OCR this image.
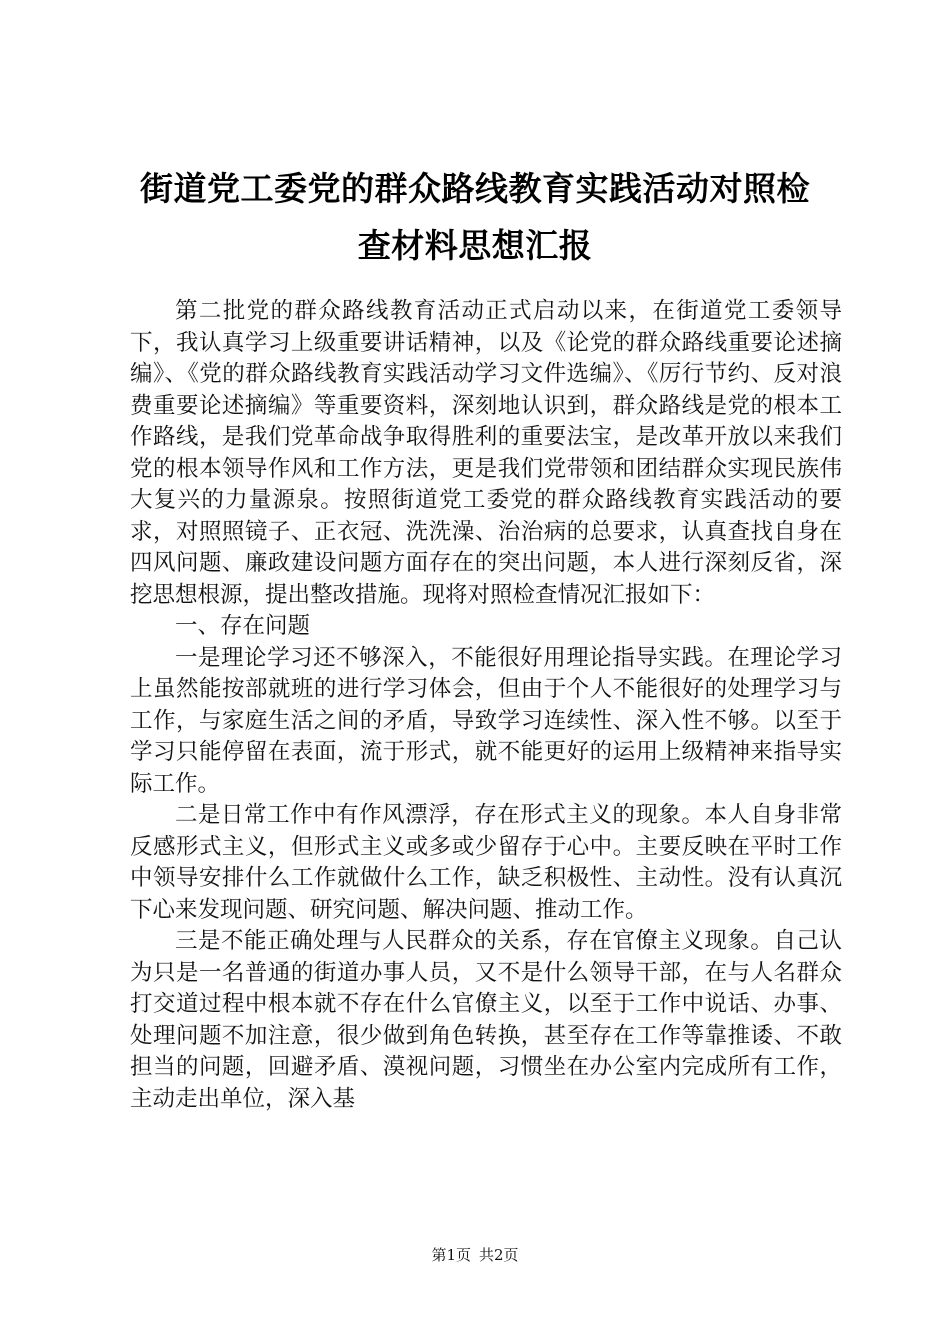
街道党工委党的群众路线教育实践活动对照检查材料思想汇报

第二批党的群众路线教育活动正式启动以来，在街道党工委领导下，我认真学习上级重要讲话精神，以及《论党的群众路线重要论述摘编》、《党的群众路线教育实践活动学习文件选编》、《厉行节约、反对浪费重要论述摘编》等重要资料，深刻地认识到，群众路线是党的根本工作路线，是我们党革命战争取得胜利的重要法宝，是改革开放以来我们党的根本领导作风和工作方法，更是我们党带领和团结群众实现民族伟大复兴的力量源泉。按照街道党工委党的群众路线教育实践活动的要求，对照照镜子、正衣冠、洗洗澡、治治病的总要求，认真查找自身在四风问题、廉政建设问题方面存在的突出问题，本人进行深刻反省，深挖思想根源，提出整改措施。现将对照检查情况汇报如下：

一、存在问题

一是理论学习还不够深入，不能很好用理论指导实践。在理论学习上虽然能按部就班的进行学习体会，但由于个人不能很好的处理学习与工作，与家庭生活之间的矛盾，导致学习连续性、深入性不够。以至于学习只能停留在表面，流于形式，就不能更好的运用上级精神来指导实际工作。

二是日常工作中有作风漂浮，存在形式主义的现象。本人自身非常反感形式主义，但形式主义或多或少留存于心中。主要反映在平时工作中领导安排什么工作就做什么工作，缺乏积极性、主动性。没有认真沉下心来发现问题、研究问题、解决问题、推动工作。

三是不能正确处理与人民群众的关系，存在官僚主义现象。自己认为只是一名普通的街道办事人员，又不是什么领导干部，在与人名群众打交道过程中根本就不存在什么官僚主义，以至于工作中说话、办事、处理问题不加注意，很少做到角色转换，甚至存在工作等靠推诿、不敢担当的问题，回避矛盾、漠视问题，习惯坐在办公室内完成所有工作，主动走出单位，深入基

第1页 共2页
